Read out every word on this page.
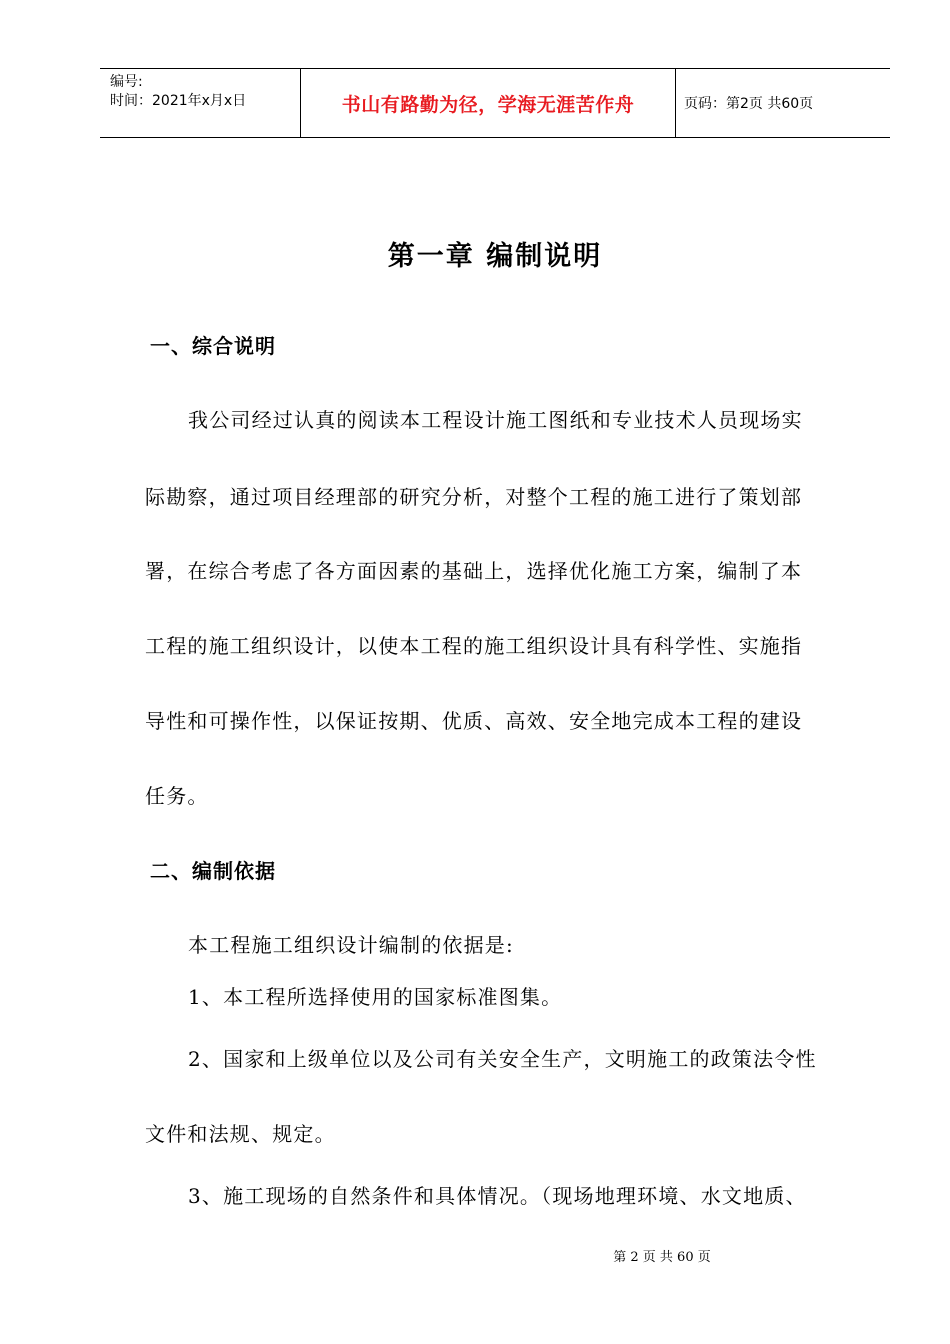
编号:
时间：2021年x月x日	书山有路勤为径，学海无涯苦作舟	页码：第2页 共60页
第一章 编制说明
一、综合说明
我公司经过认真的阅读本工程设计施工图纸和专业技术人员现场实
际勘察，通过项目经理部的研究分析，对整个工程的施工进行了策划部
署，在综合考虑了各方面因素的基础上，选择优化施工方案，编制了本
工程的施工组织设计，以使本工程的施工组织设计具有科学性、实施指
导性和可操作性，以保证按期、优质、高效、安全地完成本工程的建设
任务。
二、编制依据
本工程施工组织设计编制的依据是:
1、本工程所选择使用的国家标准图集。
2、国家和上级单位以及公司有关安全生产，文明施工的政策法令性
文件和法规、规定。
3、施工现场的自然条件和具体情况。（现场地理环境、水文地质、
第 2 页 共 60 页
